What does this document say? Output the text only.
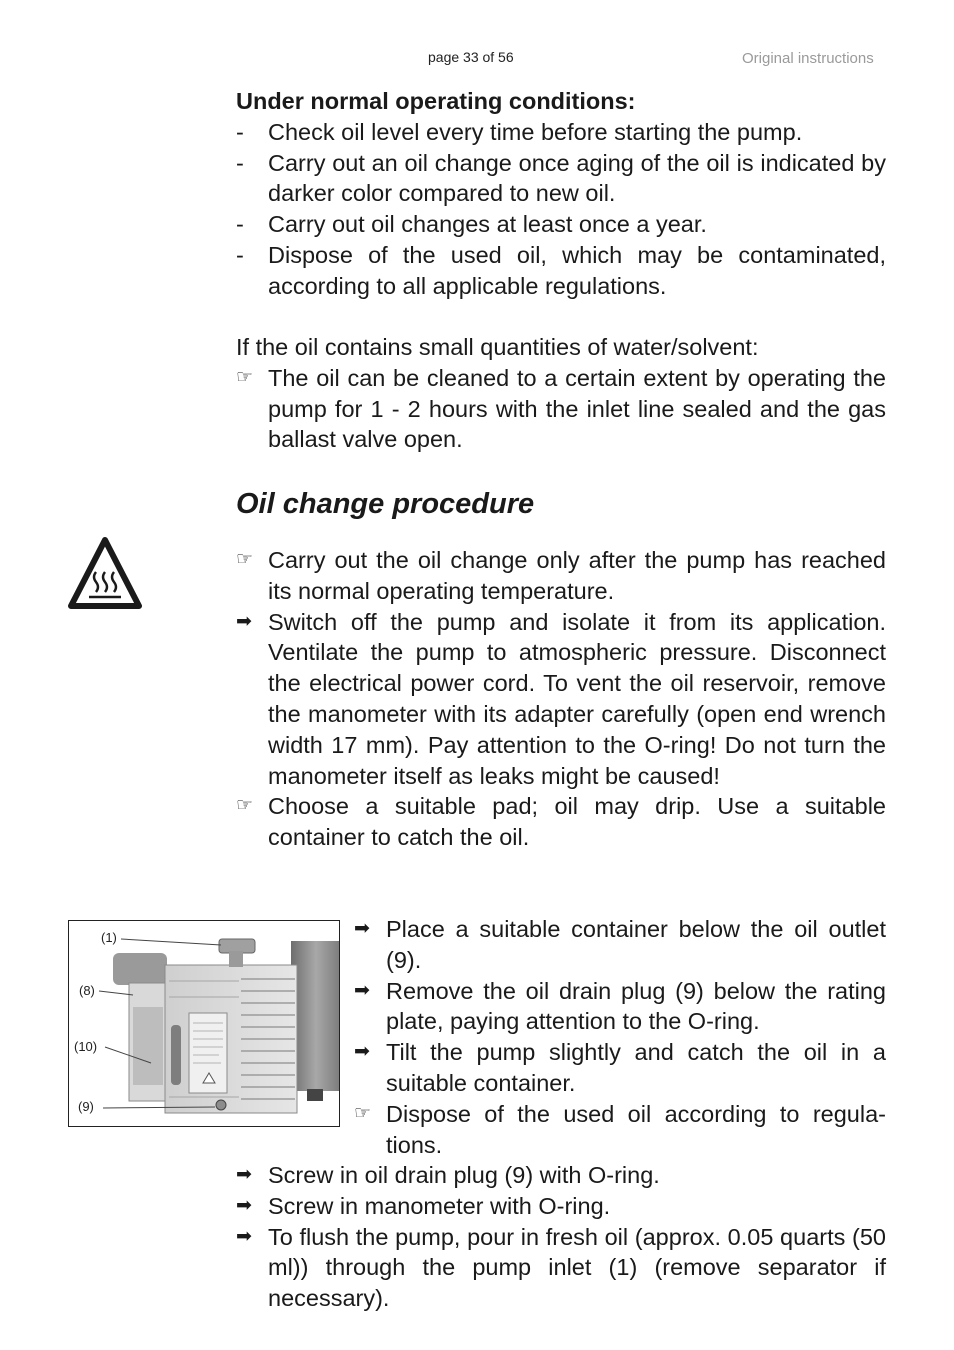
page 33 of 56	Original instructions

Under normal operating conditions:

-	Check oil level every time before starting the pump.
-	Carry out an oil change once aging of the oil is indicated by darker color compared to new oil.
-	Carry out oil changes at least once a year.
-	Dispose of the used oil, which may be contaminated, according to all applicable regulations.

If the oil contains small quantities of water/solvent:

☞ The oil can be cleaned to a certain extent by operating the pump for 1 - 2 hours with the inlet line sealed and the gas ballast valve open.
Oil change procedure
☞ Carry out the oil change only after the pump has reached its normal operating temperature.
➡ Switch off the pump and isolate it from its application. Ventilate the pump to atmospheric pressure. Disconnect the electrical power cord. To vent the oil reservoir, remove the manometer with its adapter carefully (open end wrench width 17 mm). Pay attention to the O-ring! Do not turn the manometer itself as leaks might be caused!
☞ Choose a suitable pad; oil may drip. Use a suitable container to catch the oil.
(1)
(8)
(10)
(9)
➡ Place a suitable container below the oil outlet (9).
➡ Remove the oil drain plug (9) below the rating plate, paying attention to the O-ring.
➡ Tilt the pump slightly and catch the oil in a suitable container.
☞ Dispose of the used oil according to regulations.
➡ Screw in oil drain plug (9) with O-ring.
➡ Screw in manometer with O-ring.
➡ To flush the pump, pour in fresh oil (approx. 0.05 quarts (50 ml)) through the pump inlet (1) (remove separator if necessary).
